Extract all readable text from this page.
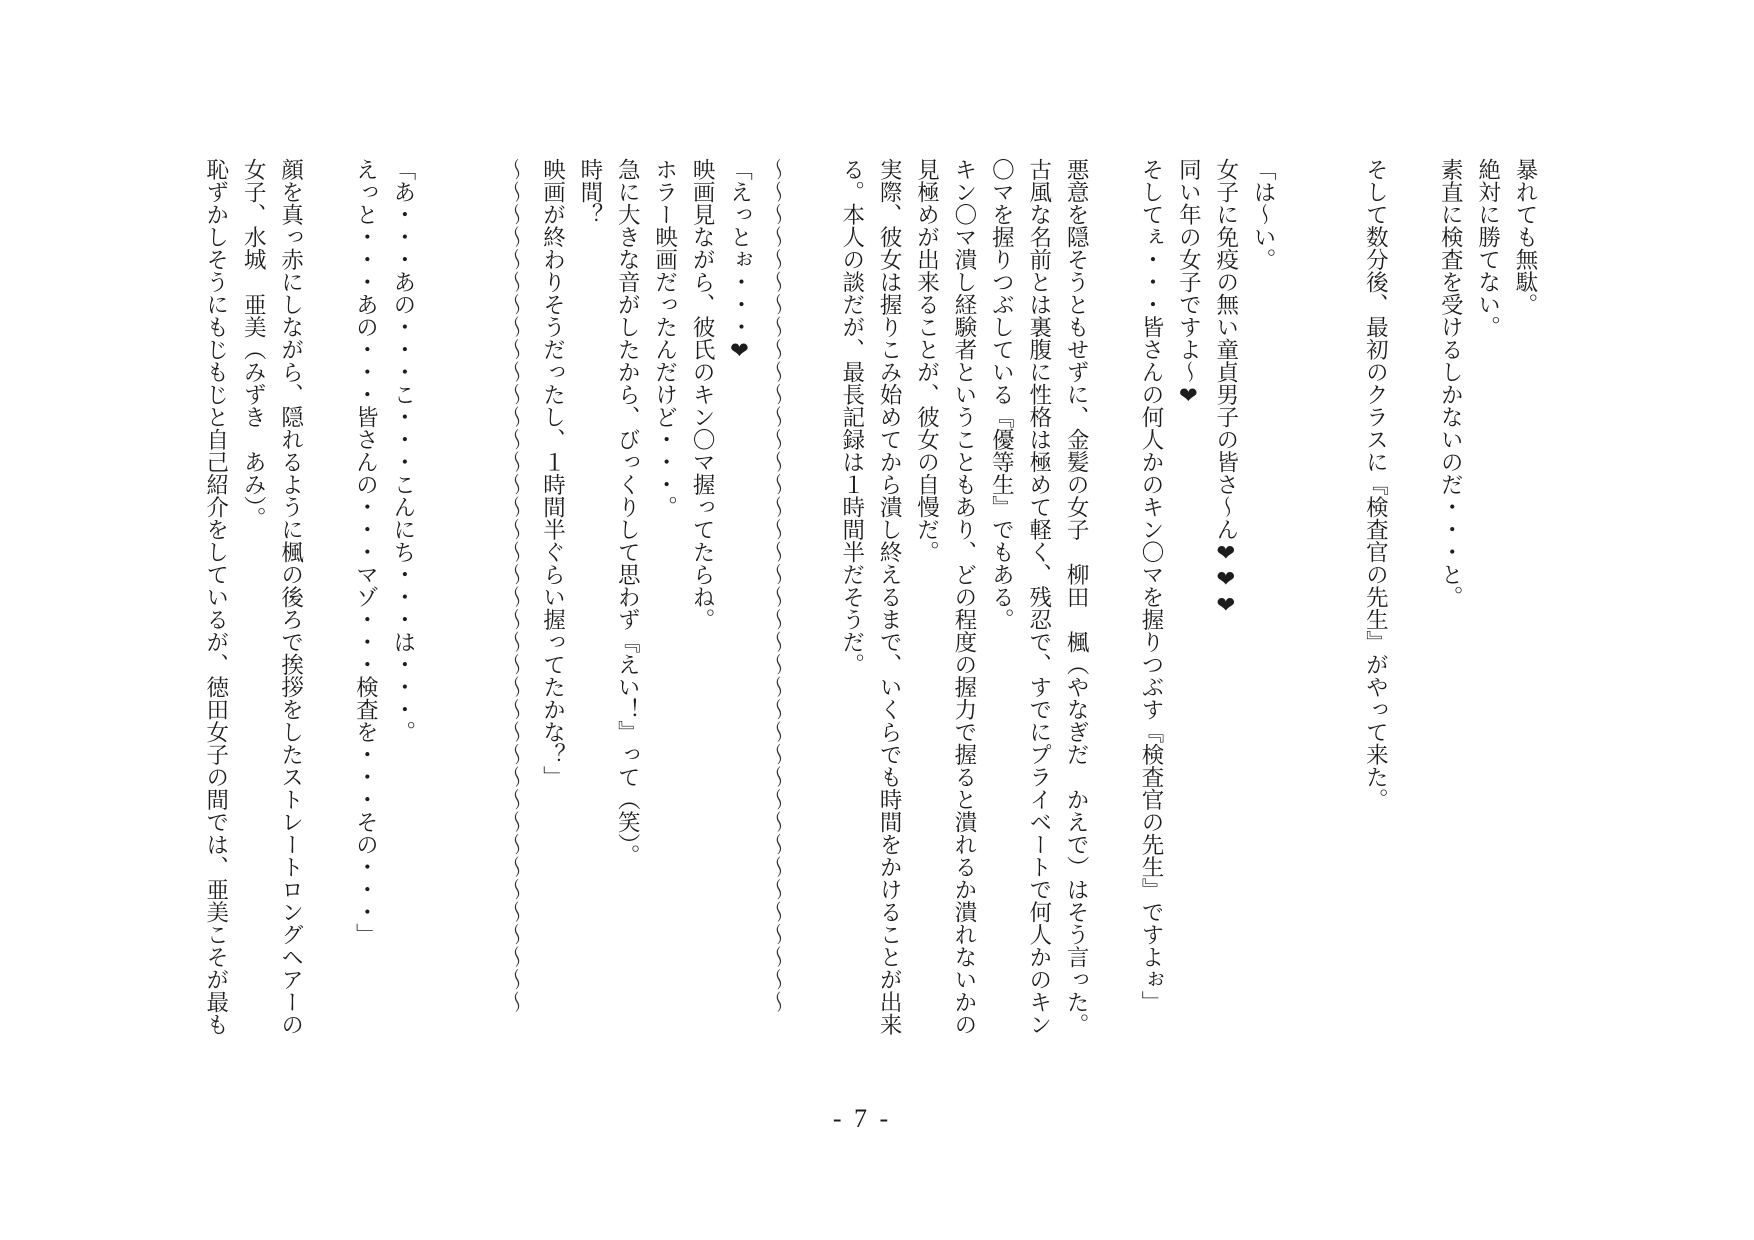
暴れても無駄。

絶対に勝てない。

素直に検査を受けるしかないのだ・・・と。

そして数分後、最初のクラスに『検査官の先生』がやって来た。

「は～い。

女子に免疫の無い童貞男子の皆さ～ん❤︎❤︎❤︎

同い年の女子ですよ～❤︎

そしてぇ・・・皆さんの何人かのキン〇マを握りつぶす『検査官の先生』ですよぉ」

悪意を隠そうともせずに、金髪の女子　柳田　楓（やなぎだ　かえで）はそう言った。

古風な名前とは裏腹に性格は極めて軽く、残忍で、すでにプライベートで何人かのキン

〇マを握りつぶしている『優等生』でもある。

キン〇マ潰し経験者ということもあり、どの程度の握力で握ると潰れるか潰れないかの

見極めが出来ることが、彼女の自慢だ。

実際、彼女は握りこみ始めてから潰し終えるまで、いくらでも時間をかけることが出来

る。本人の談だが、最長記録は１時間半だそうだ。

～～～～～～～～～～～～～～～～～～～～～～～～～～～～～～～～～～～～～～

「えっとぉ・・・❤︎

映画見ながら、彼氏のキン〇マ握ってたらね。

ホラー映画だったんだけど・・・。

急に大きな音がしたから、びっくりして思わず『えい！』って（笑）。

時間？

映画が終わりそうだったし、１時間半ぐらい握ってたかな？」

～～～～～～～～～～～～～～～～～～～～～～～～～～～～～～～～～～～～～～

「あ・・・あの・・・こ・・・こんにち・・・は・・・。

えっと・・・あの・・・皆さんの・・・マゾ・・・検査を・・・その・・・」

顔を真っ赤にしながら、隠れるように楓の後ろで挨拶をしたストレートロングヘアーの

女子、水城　亜美（みずき　あみ）。

恥ずかしそうにもじもじと自己紹介をしているが、徳田女子の間では、亜美こそが最も

- 7 -
